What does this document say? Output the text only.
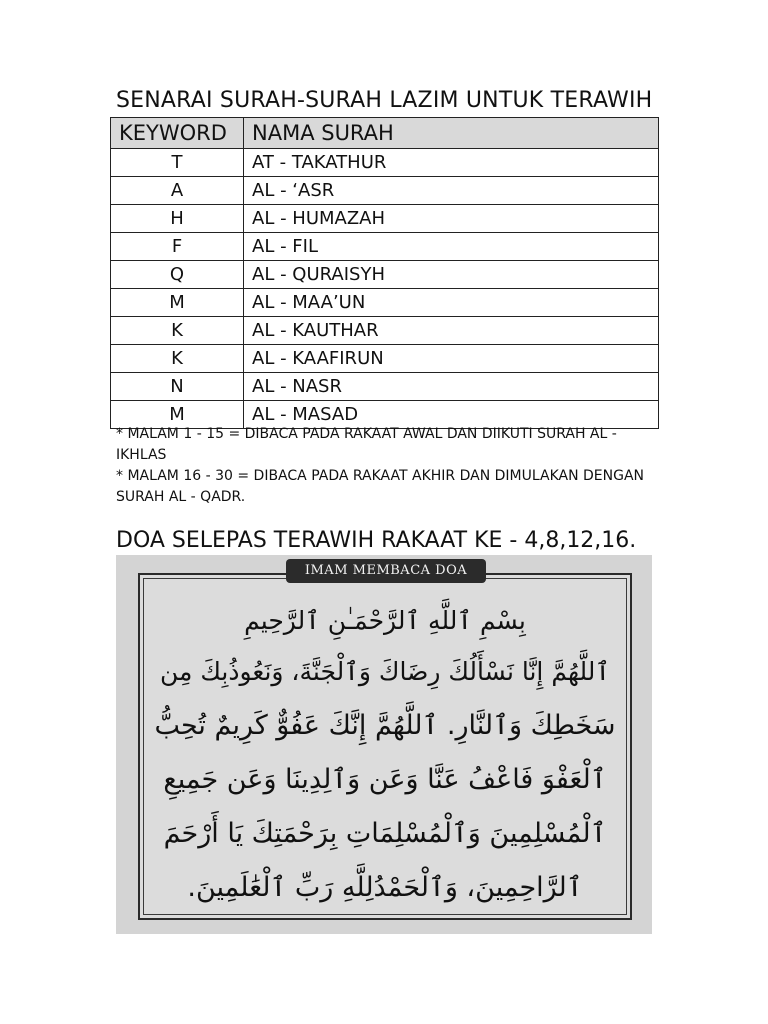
SENARAI SURAH-SURAH LAZIM UNTUK TERAWIH
KEYWORD	NAMA SURAH
T	AT - TAKATHUR
A	AL - ‘ASR
H	AL - HUMAZAH
F	AL - FIL
Q	AL - QURAISYH
M	AL - MAA’UN
K	AL - KAUTHAR
K	AL - KAAFIRUN
N	AL - NASR
M	AL - MASAD

* MALAM 1 - 15 = DIBACA PADA RAKAAT AWAL DAN DIIKUTI SURAH AL - IKHLAS

* MALAM 16 - 30 = DIBACA PADA RAKAAT AKHIR DAN DIMULAKAN DENGAN SURAH AL - QADR.

DOA SELEPAS TERAWIH RAKAAT KE - 4,8,12,16.
IMAM MEMBACA DOA
بِسْمِ ٱللَّهِ ٱلرَّحْمَـٰنِ ٱلرَّحِيمِ
ٱللَّهُمَّ إِنَّا نَسْأَلُكَ رِضَاكَ وَٱلْجَنَّةَ، وَنَعُوذُبِكَ مِن
سَخَطِكَ وَٱلنَّارِ. ٱللَّهُمَّ إِنَّكَ عَفُوٌّ كَرِيمٌ تُحِبُّ
ٱلْعَفْوَ فَاعْفُ عَنَّا وَعَن وَٱلِدِينَا وَعَن جَمِيعِ
ٱلْمُسْلِمِينَ وَٱلْمُسْلِمَاتِ بِرَحْمَتِكَ يَا أَرْحَمَ
ٱلرَّاحِمِينَ، وَٱلْحَمْدُلِلَّهِ رَبِّ ٱلْعَٰلَمِينَ.
